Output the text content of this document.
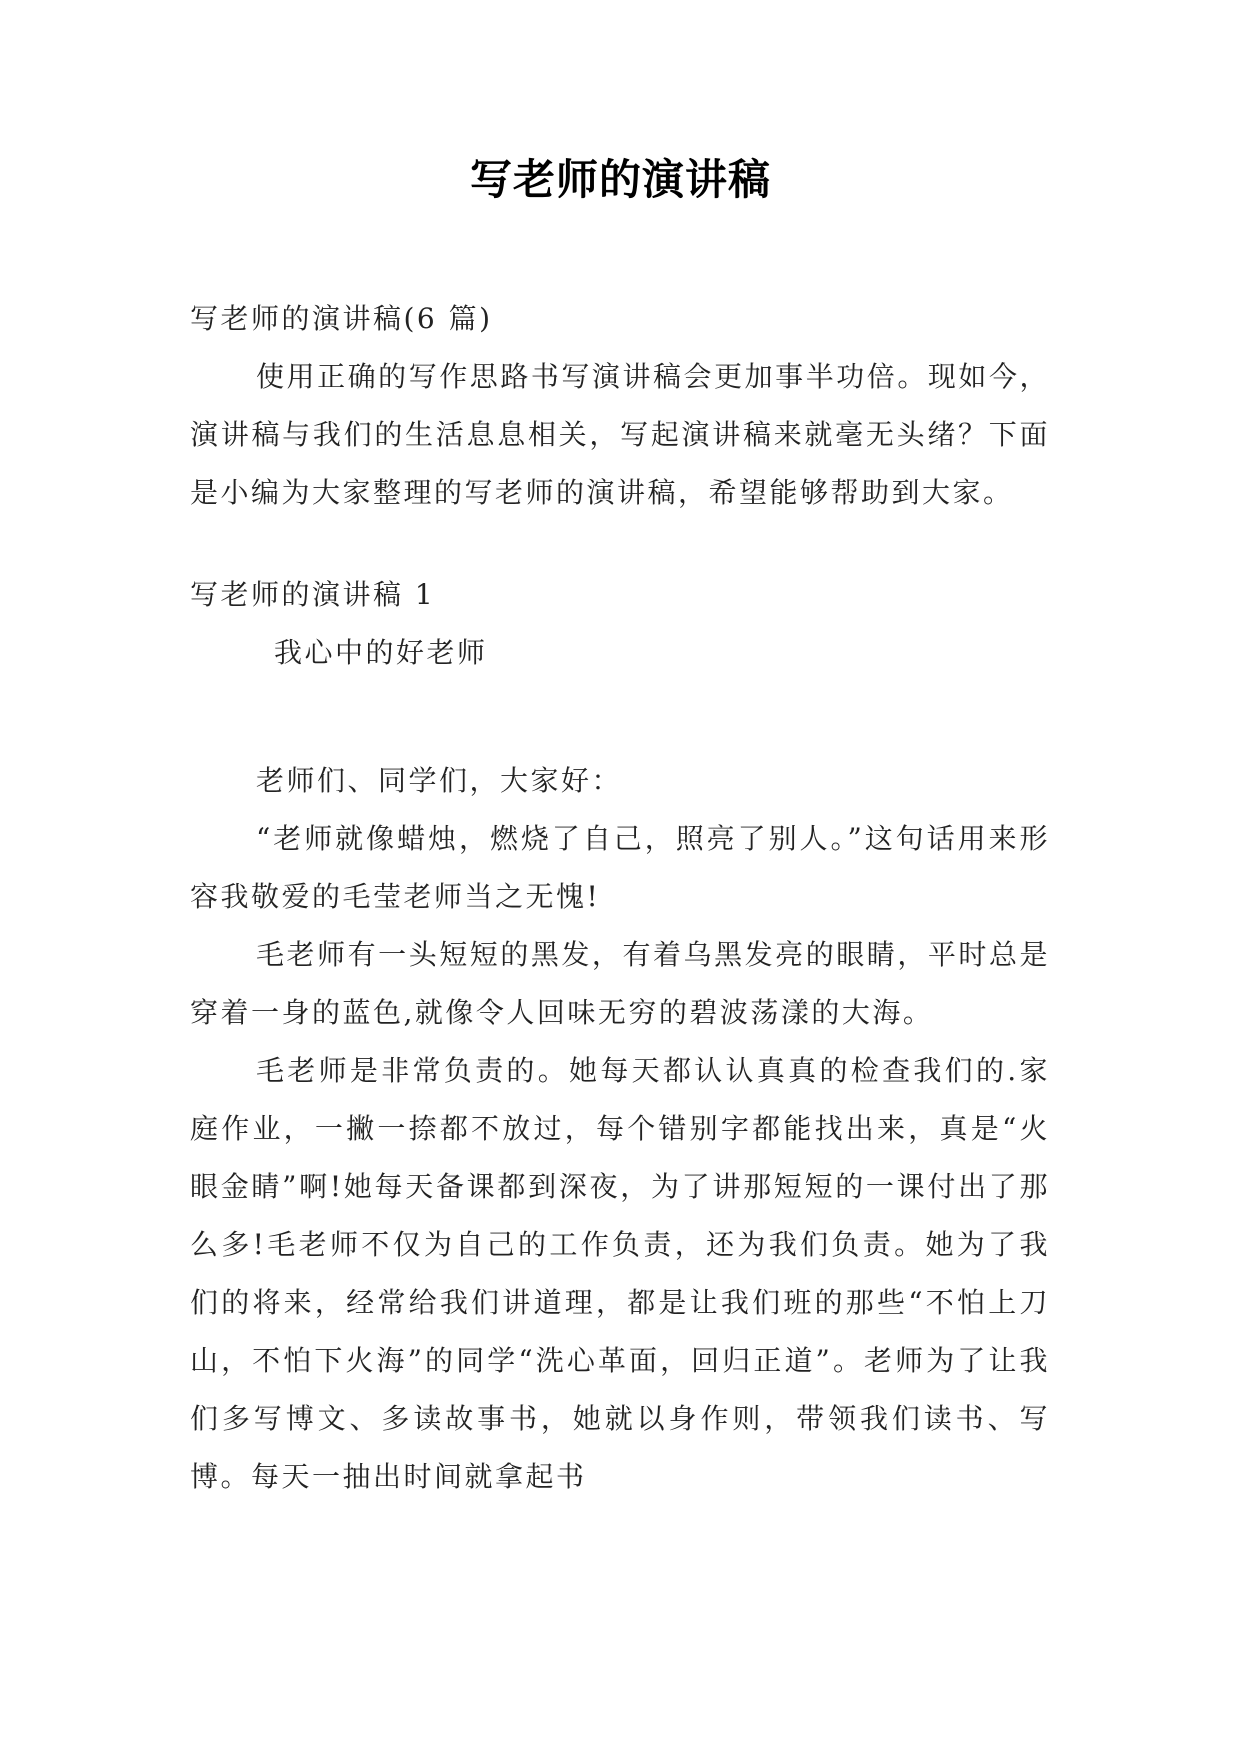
写老师的演讲稿

写老师的演讲稿(6 篇)

使用正确的写作思路书写演讲稿会更加事半功倍。现如今，演讲稿与我们的生活息息相关，写起演讲稿来就毫无头绪？下面是小编为大家整理的写老师的演讲稿，希望能够帮助到大家。

写老师的演讲稿 1

我心中的好老师

老师们、同学们，大家好：

“老师就像蜡烛，燃烧了自己，照亮了别人。”这句话用来形容我敬爱的毛莹老师当之无愧!

毛老师有一头短短的黑发，有着乌黑发亮的眼睛，平时总是穿着一身的蓝色,就像令人回味无穷的碧波荡漾的大海。

毛老师是非常负责的。她每天都认认真真的检查我们的.家庭作业，一撇一捺都不放过，每个错别字都能找出来，真是“火眼金睛”啊!她每天备课都到深夜，为了讲那短短的一课付出了那么多!毛老师不仅为自己的工作负责，还为我们负责。她为了我们的将来，经常给我们讲道理，都是让我们班的那些“不怕上刀山，不怕下火海”的同学“洗心革面，回归正道”。老师为了让我们多写博文、多读故事书，她就以身作则，带领我们读书、写博。每天一抽出时间就拿起书
